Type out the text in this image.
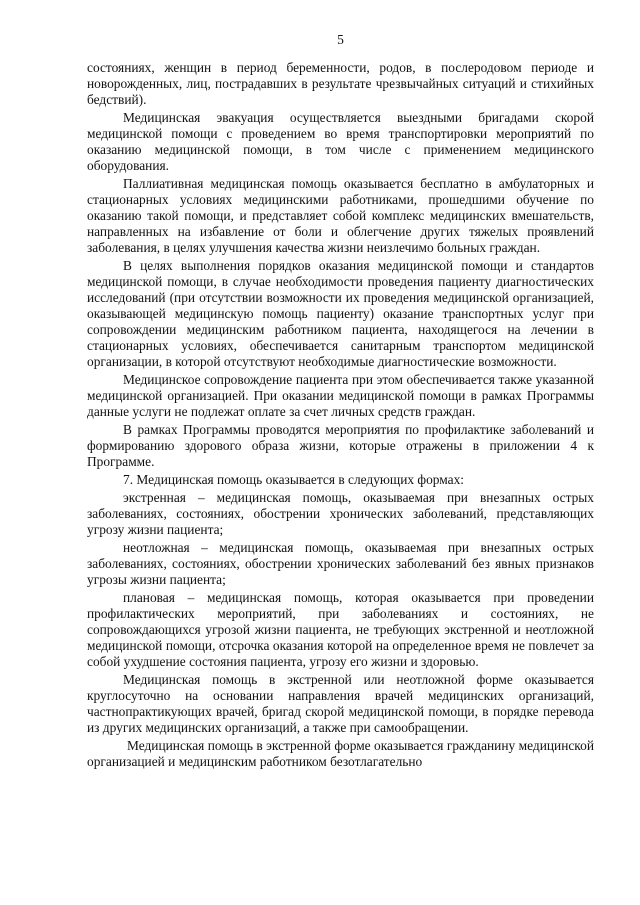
5

состояниях, женщин в период беременности, родов, в послеродовом периоде и новорожденных, лиц, пострадавших в результате чрезвычайных ситуаций и стихийных бедствий).

Медицинская эвакуация осуществляется выездными бригадами скорой медицинской помощи с проведением во время транспортировки мероприятий по оказанию медицинской помощи, в том числе с применением медицинского оборудования.

Паллиативная медицинская помощь оказывается бесплатно в амбулаторных и стационарных условиях медицинскими работниками, прошедшими обучение по оказанию такой помощи, и представляет собой комплекс медицинских вмешательств, направленных на избавление от боли и облегчение других тяжелых проявлений заболевания, в целях улучшения качества жизни неизлечимо больных граждан.

В целях выполнения порядков оказания медицинской помощи и стандартов медицинской помощи, в случае необходимости проведения пациенту диагностических исследований (при отсутствии возможности их проведения медицинской организацией, оказывающей медицинскую помощь пациенту) оказание транспортных услуг при сопровождении медицинским работником пациента, находящегося на лечении в стационарных условиях, обеспечивается санитарным транспортом медицинской организации, в которой отсутствуют необходимые диагностические возможности.

Медицинское сопровождение пациента при этом обеспечивается также указанной медицинской организацией. При оказании медицинской помощи в рамках Программы данные услуги не подлежат оплате за счет личных средств граждан.

В рамках Программы проводятся мероприятия по профилактике заболеваний и формированию здорового образа жизни, которые отражены в приложении 4 к Программе.

7. Медицинская помощь оказывается в следующих формах:

экстренная – медицинская помощь, оказываемая при внезапных острых заболеваниях, состояниях, обострении хронических заболеваний, представляющих угрозу жизни пациента;

неотложная – медицинская помощь, оказываемая при внезапных острых заболеваниях, состояниях, обострении хронических заболеваний без явных признаков угрозы жизни пациента;

плановая – медицинская помощь, которая оказывается при проведении профилактических мероприятий, при заболеваниях и состояниях, не сопровождающихся угрозой жизни пациента, не требующих экстренной и неотложной медицинской помощи, отсрочка оказания которой на определенное время не повлечет за собой ухудшение состояния пациента, угрозу его жизни и здоровью.

Медицинская помощь в экстренной или неотложной форме оказывается круглосуточно на основании направления врачей медицинских организаций, частнопрактикующих врачей, бригад скорой медицинской помощи, в порядке перевода из других медицинских организаций, а также при самообращении.

Медицинская помощь в экстренной форме оказывается гражданину медицинской организацией и медицинским работником безотлагательно
